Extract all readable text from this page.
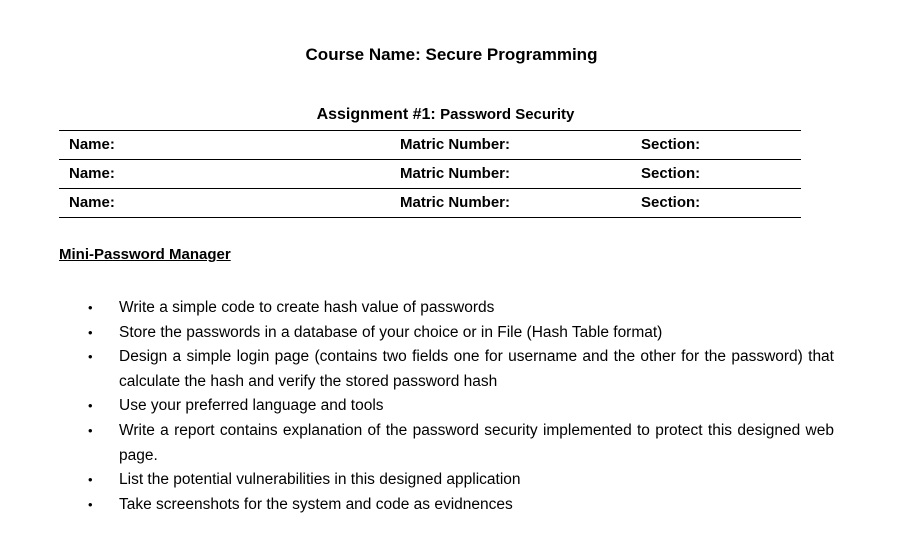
Course Name: Secure Programming
Assignment #1: Password Security
Name:	Matric Number:	Section:
Name:	Matric Number:	Section:
Name:	Matric Number:	Section:
Mini-Password Manager
• Write a simple code to create hash value of passwords
• Store the passwords in a database of your choice or in File (Hash Table format)
• Design a simple login page (contains two fields one for username and the other for the password) that calculate the hash and verify the stored password hash
• Use your preferred language and tools
• Write a report contains explanation of the password security implemented to protect this designed web page.
• List the potential vulnerabilities in this designed application
• Take screenshots for the system and code as evidnences
